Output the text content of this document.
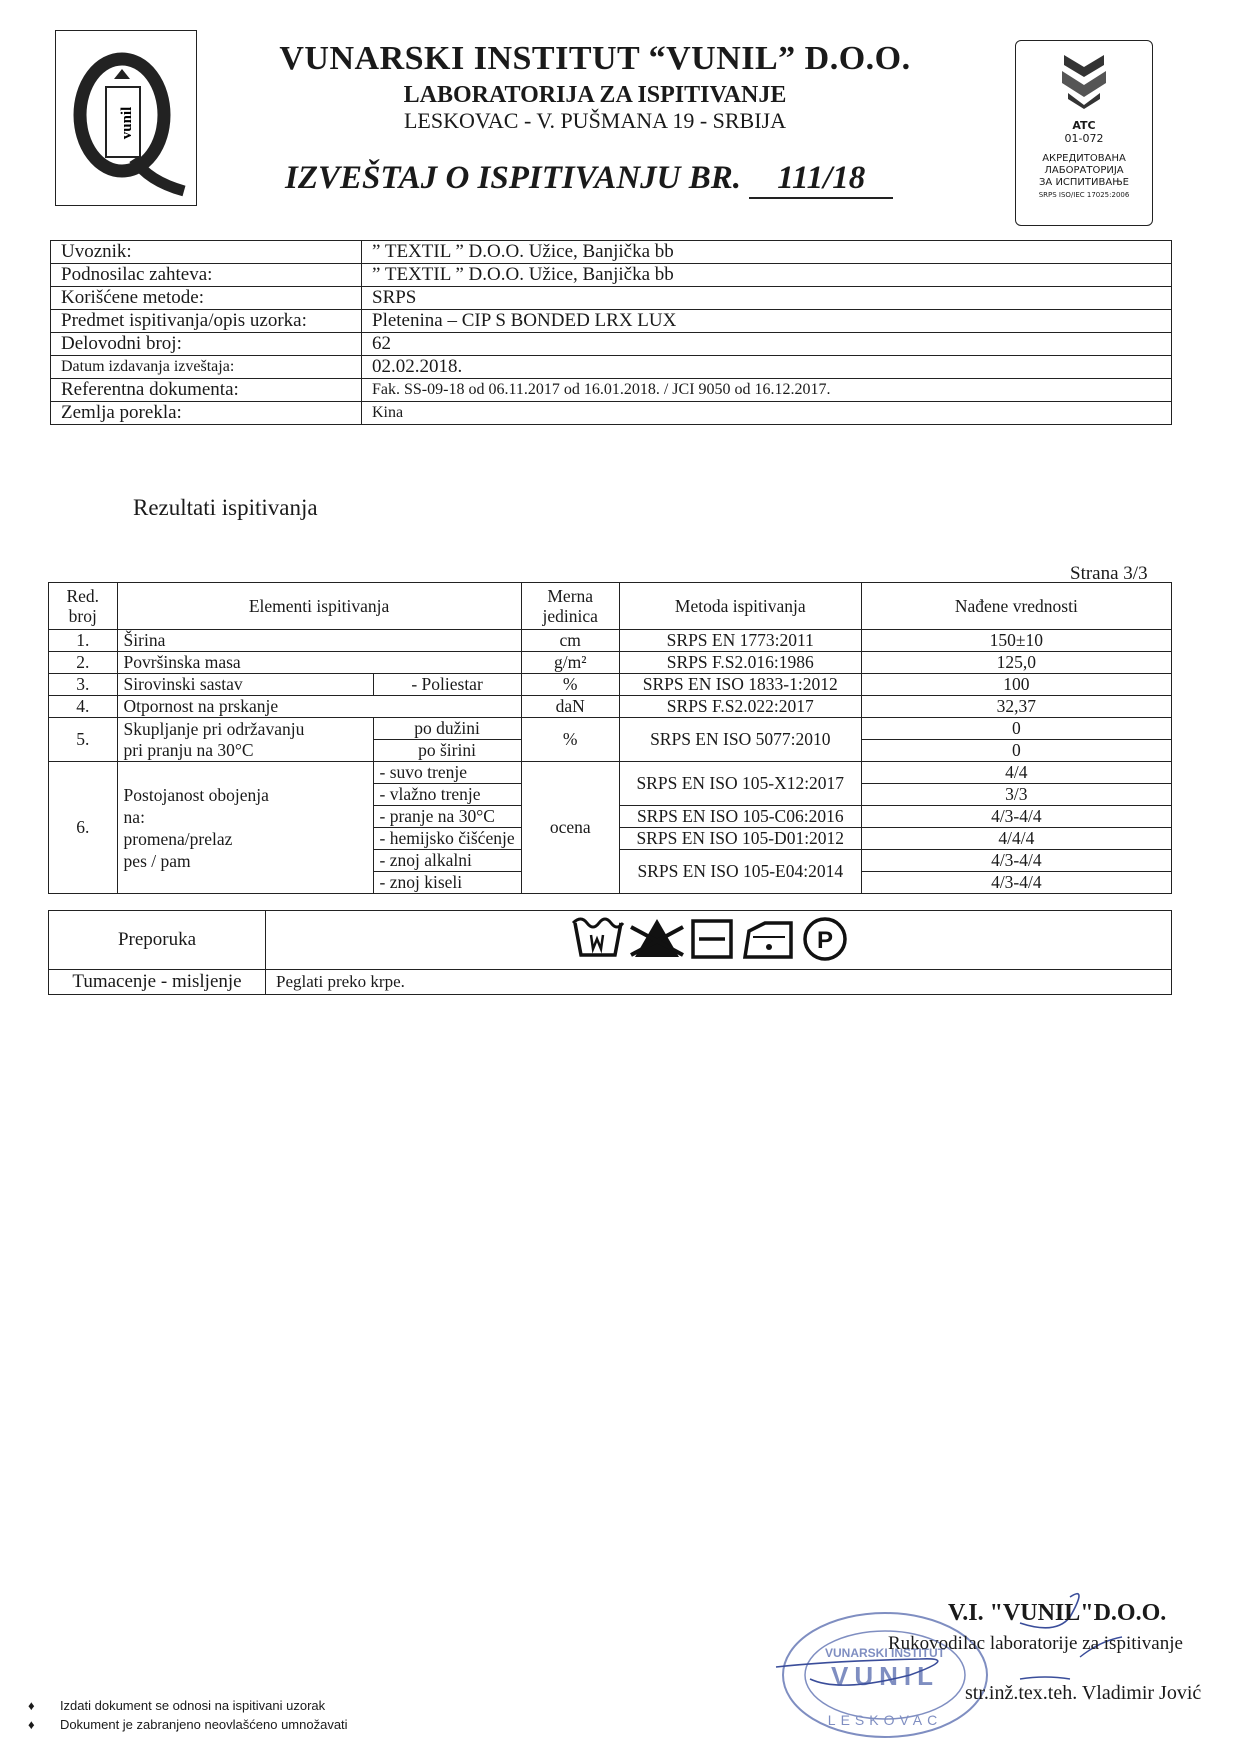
vunil
VUNARSKI INSTITUT “VUNIL” D.O.O.
LABORATORIJA ZA ISPITIVANJE
LESKOVAC - V. PUŠMANA 19 - SRBIJA
IZVEŠTAJ O ISPITIVANJU BR. 111/18
ATC
01-072
АКРЕДИТОВАНА
ЛАБОРАТОРИЈА
ЗА ИСПИТИВАЊЕ
SRPS ISO/IEC 17025:2006
Uvoznik:	” TEXTIL ” D.O.O. Užice, Banjička bb
Podnosilac zahteva:	” TEXTIL ” D.O.O. Užice, Banjička bb
Korišćene metode:	SRPS
Predmet ispitivanja/opis uzorka:	Pletenina – CIP S BONDED LRX LUX
Delovodni broj:	62
Datum izdavanja izveštaja:	02.02.2018.
Referentna dokumenta:	Fak. SS-09-18 od 06.11.2017 od 16.01.2018. / JCI 9050 od 16.12.2017.
Zemlja porekla:	Kina
Rezultati ispitivanja
Strana 3/3
Red. broj	Elementi ispitivanja		Merna jedinica	Metoda ispitivanja	Nađene vrednosti
1.	Širina		cm	SRPS EN 1773:2011	150±10
2.	Površinska masa		g/m²	SRPS F.S2.016:1986	125,0
3.	Sirovinski sastav	- Poliestar	%	SRPS EN ISO 1833-1:2012	100
4.	Otpornost na prskanje		daN	SRPS F.S2.022:2017	32,37
5.	Skupljanje pri održavanju
pri pranju na 30°C	po dužini	%	SRPS EN ISO 5077:2010	0
		po širini			0
6.	Postojanost obojenja
na:
promena/prelaz
pes / pam	- suvo trenje	ocena	SRPS EN ISO 105-X12:2017	4/4
		- vlažno trenje			3/3
		- pranje na 30°C		SRPS EN ISO 105-C06:2016	4/3-4/4
		- hemijsko čišćenje		SRPS EN ISO 105-D01:2012	4/4/4
		- znoj alkalni		SRPS EN ISO 105-E04:2014	4/3-4/4
		- znoj kiseli			4/3-4/4
Preporuka	P

Tumacenje - misljenje	Peglati preko krpe.
VUNARSKI INSTITUT
VUNIL
LESKOVAC
V.I. "VUNIL"D.O.O.
Rukovodilac laboratorije za ispitivanje
str.inž.tex.teh. Vladimir Jović
♦ Izdati dokument se odnosi na ispitivani uzorak
♦ Dokument je zabranjeno neovlašćeno umnožavati
